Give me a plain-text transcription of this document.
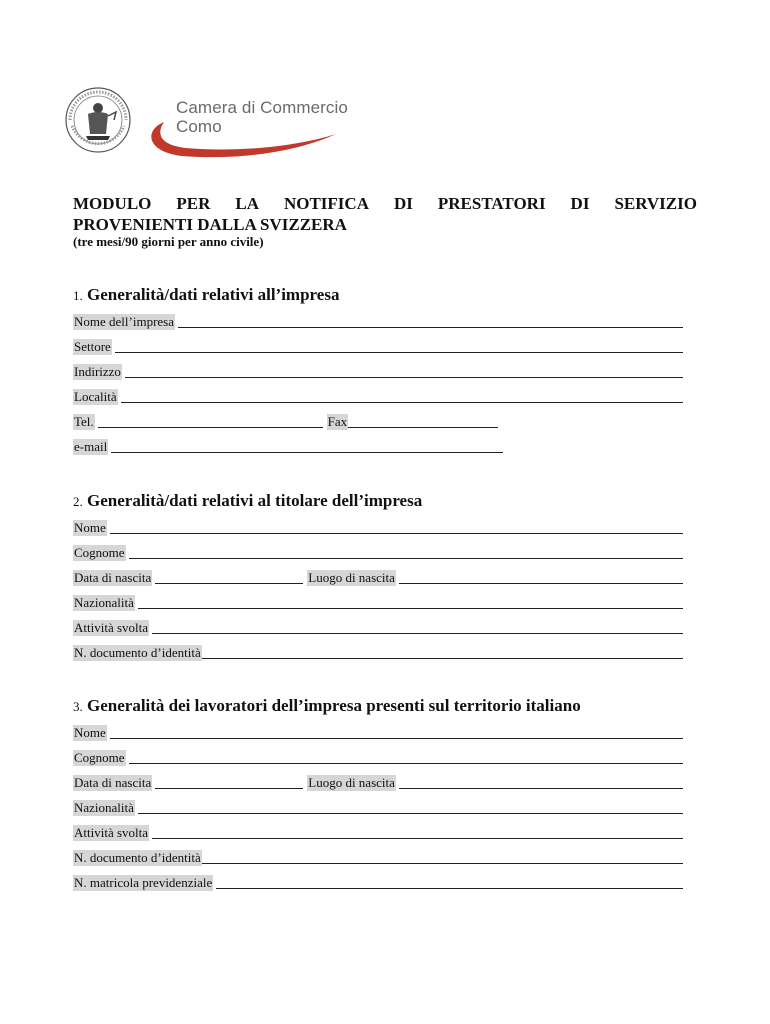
Camera di Commercio
Como
MODULO PER LA NOTIFICA DI PRESTATORI DI SERVIZIO
PROVENIENTI DALLA SVIZZERA
(tre mesi/90 giorni per anno civile)
1. Generalità/dati relativi all’impresa
Nome dell’impresa
Settore
Indirizzo
Località
Tel.	Fax
e-mail
2. Generalità/dati relativi al titolare dell’impresa
Nome
Cognome
Data di nascita	Luogo di nascita
Nazionalità
Attività svolta
N. documento d’identità
3. Generalità dei lavoratori dell’impresa presenti sul territorio italiano
Nome
Cognome
Data di nascita	Luogo di nascita
Nazionalità
Attività svolta
N. documento d’identità
N. matricola previdenziale
